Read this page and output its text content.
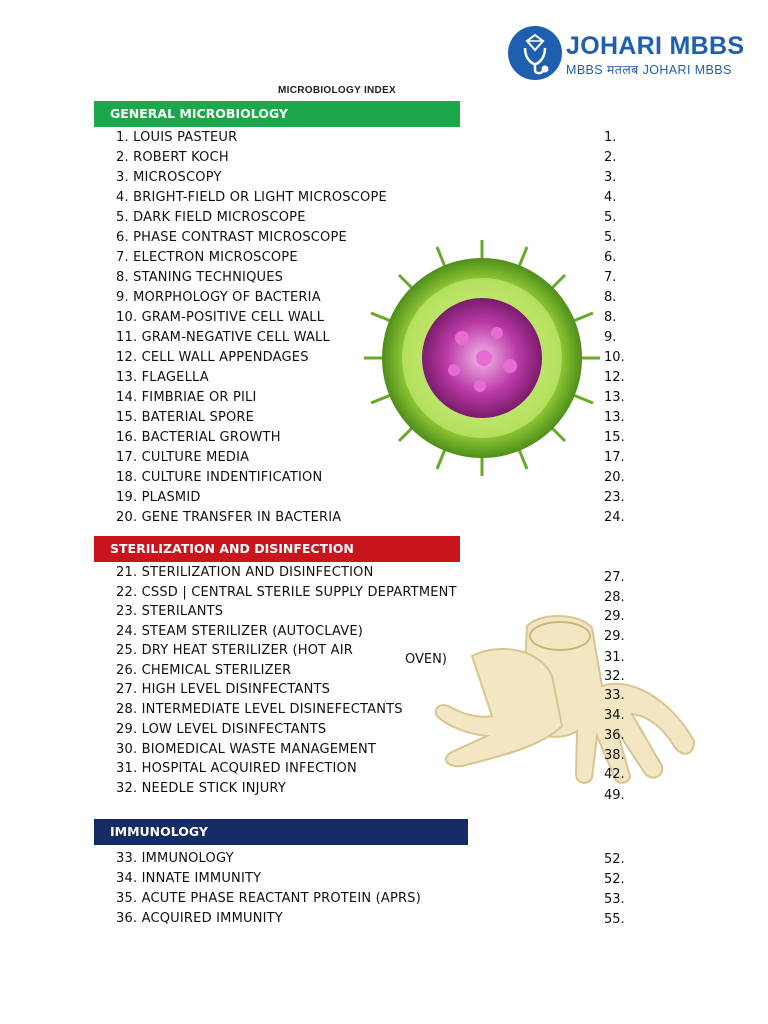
JOHARI MBBS
MBBS मतलब JOHARI MBBS
MICROBIOLOGY INDEX
GENERAL MICROBIOLOGY
STERILIZATION AND DISINFECTION
IMMUNOLOGY
1. LOUIS PASTEUR	1.
2. ROBERT KOCH	2.
3. MICROSCOPY	3.
4. BRIGHT-FIELD OR LIGHT MICROSCOPE	4.
5. DARK FIELD MICROSCOPE	5.
6. PHASE CONTRAST MICROSCOPE	5.
7. ELECTRON MICROSCOPE	6.
8. STANING TECHNIQUES	7.
9. MORPHOLOGY OF BACTERIA	8.
10. GRAM-POSITIVE CELL WALL	8.
11. GRAM-NEGATIVE CELL WALL	9.
12. CELL WALL APPENDAGES	10.
13. FLAGELLA	12.
14. FIMBRIAE OR PILI	13.
15. BATERIAL SPORE	13.
16. BACTERIAL GROWTH	15.
17. CULTURE MEDIA	17.
18. CULTURE INDENTIFICATION	20.
19. PLASMID	23.
20. GENE TRANSFER IN BACTERIA	24.
21. STERILIZATION AND DISINFECTION	27.
22. CSSD | CENTRAL STERILE SUPPLY DEPARTMENT	28.
23. STERILANTS	29.
24. STEAM STERILIZER (AUTOCLAVE)	29.
25. DRY HEAT STERILIZER (HOT AIR	31.
OVEN)
26. CHEMICAL STERILIZER	32.
27. HIGH LEVEL DISINFECTANTS	33.
28. INTERMEDIATE LEVEL DISINEFECTANTS	34.
29. LOW LEVEL DISINFECTANTS	36.
30. BIOMEDICAL WASTE MANAGEMENT	38.
31. HOSPITAL ACQUIRED INFECTION	42.
32. NEEDLE STICK INJURY	49.
33. IMMUNOLOGY	52.
34. INNATE IMMUNITY	52.
35. ACUTE PHASE REACTANT PROTEIN (APRS)	53.
36. ACQUIRED IMMUNITY	55.
